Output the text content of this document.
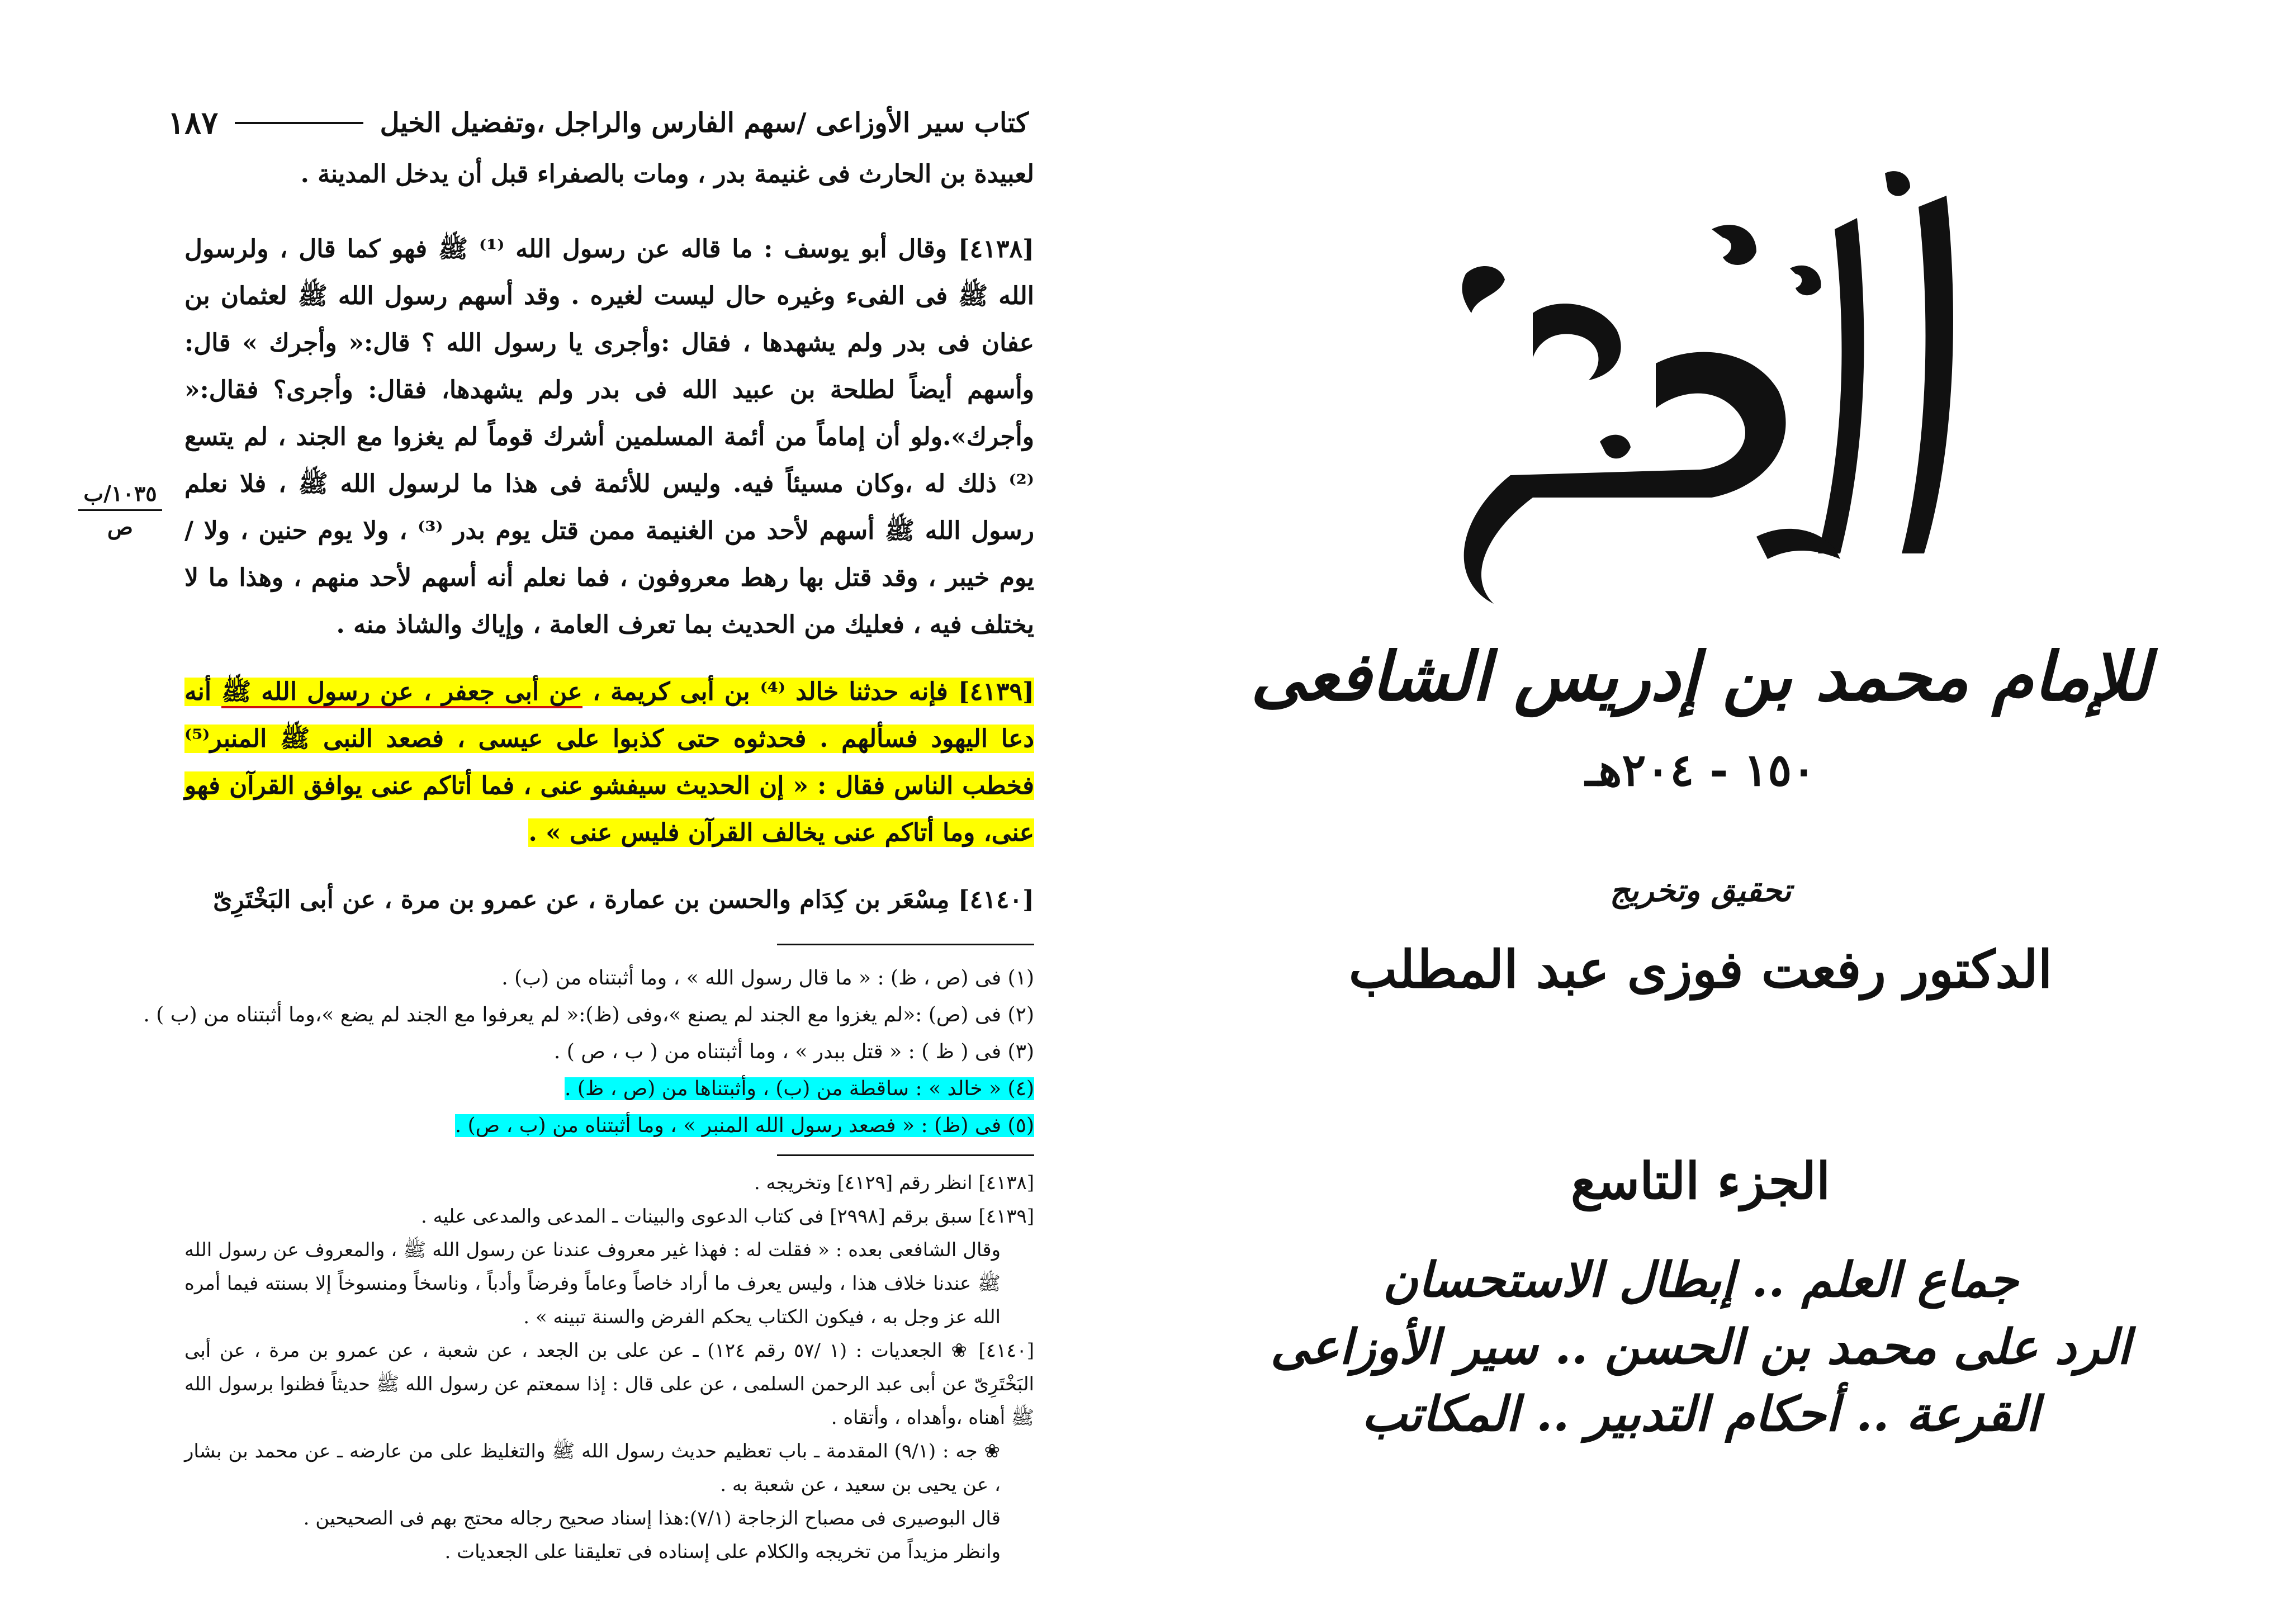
كتاب سير الأوزاعى /سهم الفارس والراجل ،وتفضيل الخيل
١٨٧
١٠٣٥/ب
ص

لعبيدة بن الحارث فى غنيمة بدر ، ومات بالصفراء قبل أن يدخل المدينة .

[٤١٣٨] وقال أبو يوسف : ما قاله عن رسول الله ⁽¹⁾ ﷺ فهو كما قال ، ولرسول الله ﷺ فى الفىء وغيره حال ليست لغيره . وقد أسهم رسول الله ﷺ لعثمان بن عفان فى بدر ولم يشهدها ، فقال :وأجرى يا رسول الله ؟ قال:« وأجرك » قال: وأسهم أيضاً لطلحة بن عبيد الله فى بدر ولم يشهدها، فقال: وأجرى؟ فقال:« وأجرك».ولو أن إماماً من أئمة المسلمين أشرك قوماً لم يغزوا مع الجند ، لم يتسع ⁽²⁾ ذلك له ،وكان مسيئاً فيه. وليس للأئمة فى هذا ما لرسول الله ﷺ ، فلا نعلم رسول الله ﷺ أسهم لأحد من الغنيمة ممن قتل يوم بدر ⁽³⁾ ، ولا يوم حنين ، ولا / يوم خيبر ، وقد قتل بها رهط معروفون ، فما نعلم أنه أسهم لأحد منهم ، وهذا ما لا يختلف فيه ، فعليك من الحديث بما تعرف العامة ، وإياك والشاذ منه .

[٤١٣٩] فإنه حدثنا خالد ⁽⁴⁾ بن أبى كريمة ، عن أبى جعفر ، عن رسول الله ﷺ أنه دعا اليهود فسألهم . فحدثوه حتى كذبوا على عيسى ، فصعد النبى ﷺ المنبر⁽⁵⁾ فخطب الناس فقال : « إن الحديث سيفشو عنى ، فما أتاكم عنى يوافق القرآن فهو عنى، وما أتاكم عنى يخالف القرآن فليس عنى » .

[٤١٤٠] مِسْعَر بن كِدَام والحسن بن عمارة ، عن عمرو بن مرة ، عن أبى البَخْتَرِىّ

(١) فى (ص ، ظ) : « ما قال رسول الله » ، وما أثبتناه من (ب) .

(٢) فى (ص) :«لم يغزوا مع الجند لم يصنع »،وفى (ظ):« لم يعرفوا مع الجند لم يضع »،وما أثبتناه من (ب ) .

(٣) فى ( ظ ) : « قتل ببدر » ، وما أثبتناه من ( ب ، ص ) .

(٤) « خالد » : ساقطة من (ب) ، وأثبتناها من (ص ، ظ) .

(٥) فى (ظ) : « فصعد رسول الله المنبر » ، وما أثبتناه من (ب ، ص) .

[٤١٣٨] انظر رقم [٤١٢٩] وتخريجه .

[٤١٣٩] سبق برقم [٢٩٩٨] فى كتاب الدعوى والبينات ـ المدعى والمدعى عليه .

وقال الشافعى بعده : « فقلت له : فهذا غير معروف عندنا عن رسول الله ﷺ ، والمعروف عن رسول الله ﷺ عندنا خلاف هذا ، وليس يعرف ما أراد خاصاً وعاماً وفرضاً وأدباً ، وناسخاً ومنسوخاً إلا بسنته فيما أمره الله عز وجل به ، فيكون الكتاب يحكم الفرض والسنة تبينه » .

[٤١٤٠] ❀ الجعديات : (١ /٥٧ رقم ١٢٤) ـ عن على بن الجعد ، عن شعبة ، عن عمرو بن مرة ، عن أبى البَخْتَرِىّ عن أبى عبد الرحمن السلمى ، عن على قال : إذا سمعتم عن رسول الله ﷺ حديثاً فظنوا برسول الله ﷺ أهناه ،وأهداه ، وأتقاه .

❀ جه : (٩/١) المقدمة ـ باب تعظيم حديث رسول الله ﷺ والتغليظ على من عارضه ـ عن محمد بن بشار ، عن يحيى بن سعيد ، عن شعبة به .

قال البوصيرى فى مصباح الزجاجة (٧/١):هذا إسناد صحيح رجاله محتج بهم فى الصحيحين .

وانظر مزيداً من تخريجه والكلام على إسناده فى تعليقنا على الجعديات .

للإمام محمد بن إدريس الشافعى
١٥٠ - ٢٠٤هـ
تحقيق وتخريج
الدكتور رفعت فوزى عبد المطلب
الجزء التاسع
جماع العلم .. إبطال الاستحسان
الرد على محمد بن الحسن .. سير الأوزاعى
القرعة .. أحكام التدبير .. المكاتب
